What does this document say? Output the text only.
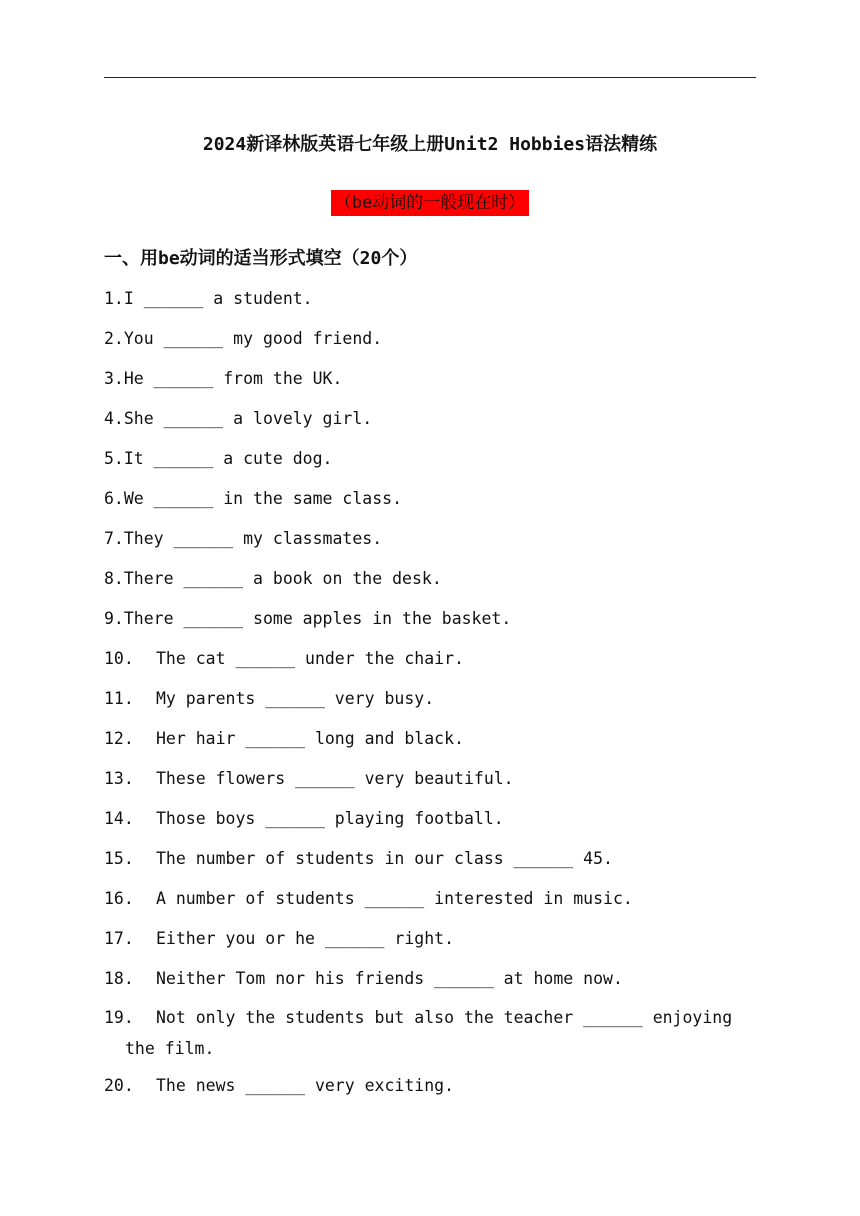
2024新译林版英语七年级上册Unit2 Hobbies语法精练
（be动词的一般现在时）
一、用be动词的适当形式填空（20个）
1.I ______ a student.
2.You ______ my good friend.
3.He ______ from the UK.
4.She ______ a lovely girl.
5.It ______ a cute dog.
6.We ______ in the same class.
7.They ______ my classmates.
8.There ______ a book on the desk.
9.There ______ some apples in the basket.
10. The cat ______ under the chair.
11. My parents ______ very busy.
12. Her hair ______ long and black.
13. These flowers ______ very beautiful.
14. Those boys ______ playing football.
15. The number of students in our class ______ 45.
16. A number of students ______ interested in music.
17. Either you or he ______ right.
18. Neither Tom nor his friends ______ at home now.
19. Not only the students but also the teacher ______ enjoying
the film.
20. The news ______ very exciting.
